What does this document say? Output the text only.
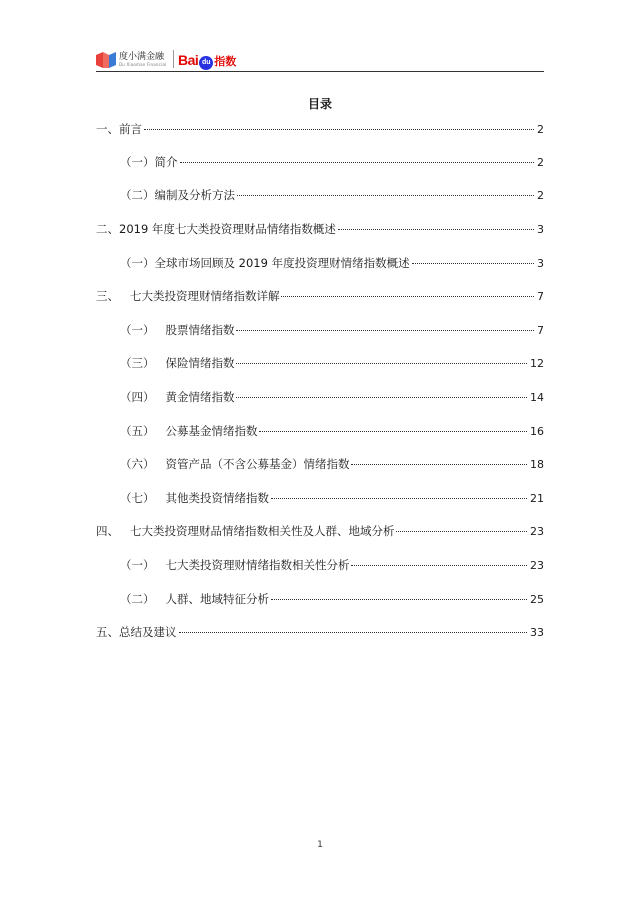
度小满金融
Du Xiaoman Financial Bai du 指数
目录
一、前言	2
（一）简介	2
（二）编制及分析方法	2
二、2019 年度七大类投资理财品情绪指数概述	3
（一）全球市场回顾及 2019 年度投资理财情绪指数概述	3
三、   七大类投资理财情绪指数详解	7
（一）   股票情绪指数	7
（三）   保险情绪指数	12
（四）   黄金情绪指数	14
（五）   公募基金情绪指数	16
（六）   资管产品（不含公募基金）情绪指数	18
（七）   其他类投资情绪指数	21
四、   七大类投资理财品情绪指数相关性及人群、地域分析	23
（一）   七大类投资理财情绪指数相关性分析	23
（二）   人群、地域特征分析	25
五、总结及建议	33
1
